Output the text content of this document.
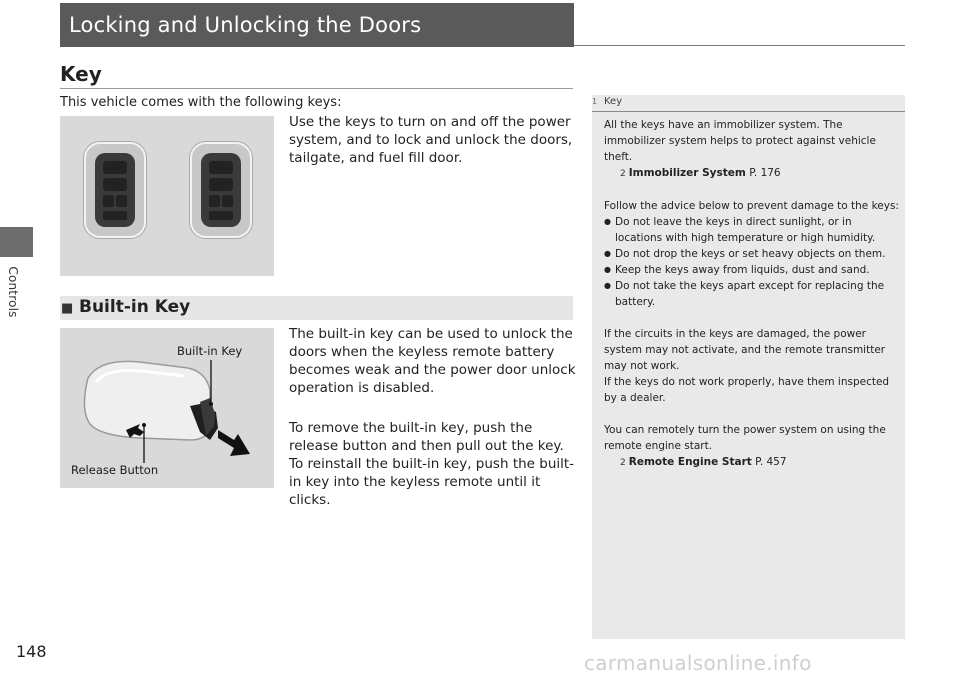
Controls
Locking and Unlocking the Doors
Key
This vehicle comes with the following keys:

Use the keys to turn on and off the power system, and to lock and unlock the doors, tailgate, and fuel fill door.

■ Built-in Key
Built-in Key
Release Button

The built-in key can be used to unlock the doors when the keyless remote battery becomes weak and the power door unlock operation is disabled.

To remove the built-in key, push the release button and then pull out the key. To reinstall the built-in key, push the built-in key into the keyless remote until it clicks.

1 Key

All the keys have an immobilizer system. The immobilizer system helps to protect against vehicle theft.

2 Immobilizer System P. 176

Follow the advice below to prevent damage to the keys:

● Do not leave the keys in direct sunlight, or in locations with high temperature or high humidity.

● Do not drop the keys or set heavy objects on them.

● Keep the keys away from liquids, dust and sand.

● Do not take the keys apart except for replacing the battery.

If the circuits in the keys are damaged, the power system may not activate, and the remote transmitter may not work.

If the keys do not work properly, have them inspected by a dealer.

You can remotely turn the power system on using the remote engine start.

2 Remote Engine Start P. 457

148	carmanualsonline.info
